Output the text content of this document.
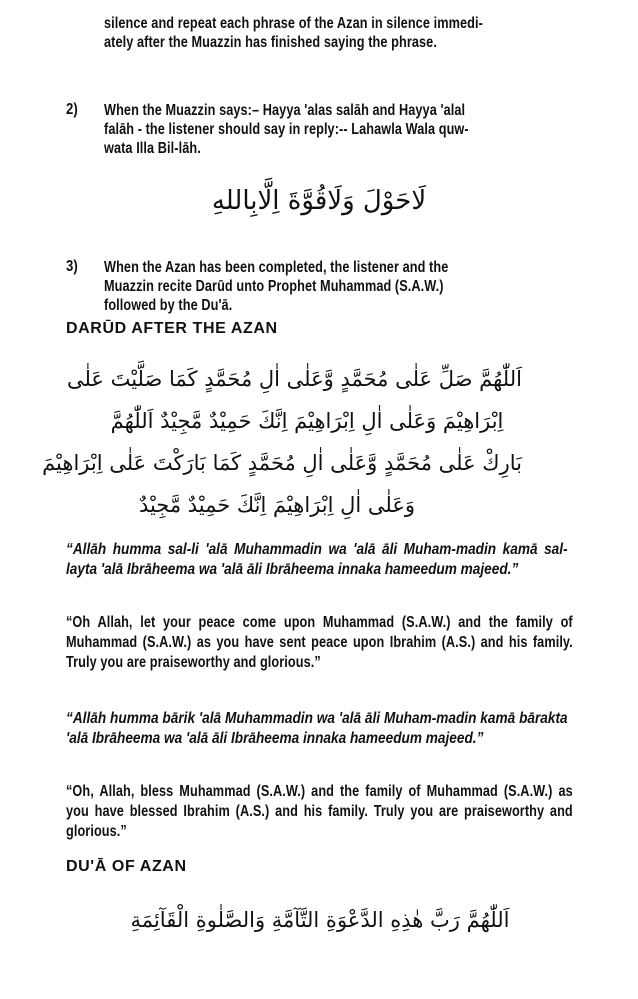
silence and repeat each phrase of the Azan in silence immedi-
ately after the Muazzin has finished saying the phrase.
2) When the Muazzin says:– Hayya 'alas salāh and Hayya 'alal
falāh - the listener should say in reply:-- Lahawla Wala quw-
wata Illa Bil-lāh.
لَاحَوْلَ وَلَاقُوَّةَ اِلَّابِاللهِ
3) When the Azan has been completed, the listener and the
Muazzin recite Darūd unto Prophet Muhammad (S.A.W.)
followed by the Du'ā.
DARŪD AFTER THE AZAN
اَللّٰهُمَّ صَلِّ عَلٰى مُحَمَّدٍ وَّعَلٰى اٰلِ مُحَمَّدٍ كَمَا صَلَّيْتَ عَلٰى
اِبْرَاهِيْمَ وَعَلٰى اٰلِ اِبْرَاهِيْمَ اِنَّكَ حَمِيْدٌ مَّجِيْدٌ اَللّٰهُمَّ
بَارِكْ عَلٰى مُحَمَّدٍ وَّعَلٰى اٰلِ مُحَمَّدٍ كَمَا بَارَكْتَ عَلٰى اِبْرَاهِيْمَ
وَعَلٰى اٰلِ اِبْرَاهِيْمَ اِنَّكَ حَمِيْدٌ مَّجِيْدٌ
“Allāh humma sal-li 'alā Muhammadin wa 'alā āli Muham-madin kamā sal-layta 'alā Ibrāheema wa 'alā āli Ibrāheema innaka hameedum majeed.”
“Oh Allah, let your peace come upon Muhammad (S.A.W.) and the family of Muhammad (S.A.W.) as you have sent peace upon Ibrahim (A.S.) and his family. Truly you are praiseworthy and glorious.”
“Allāh humma bārik 'alā Muhammadin wa 'alā āli Muham-madin kamā bārakta 'alā Ibrāheema wa 'alā āli Ibrāheema innaka hameedum majeed.”
“Oh, Allah, bless Muhammad (S.A.W.) and the family of Muhammad (S.A.W.) as you have blessed Ibrahim (A.S.) and his family. Truly you are praiseworthy and glorious.”
DU'Ā OF AZAN
اَللّٰهُمَّ رَبَّ هٰذِهِ الدَّعْوَةِ التَّآمَّةِ وَالصَّلٰوةِ الْقَآئِمَةِ
